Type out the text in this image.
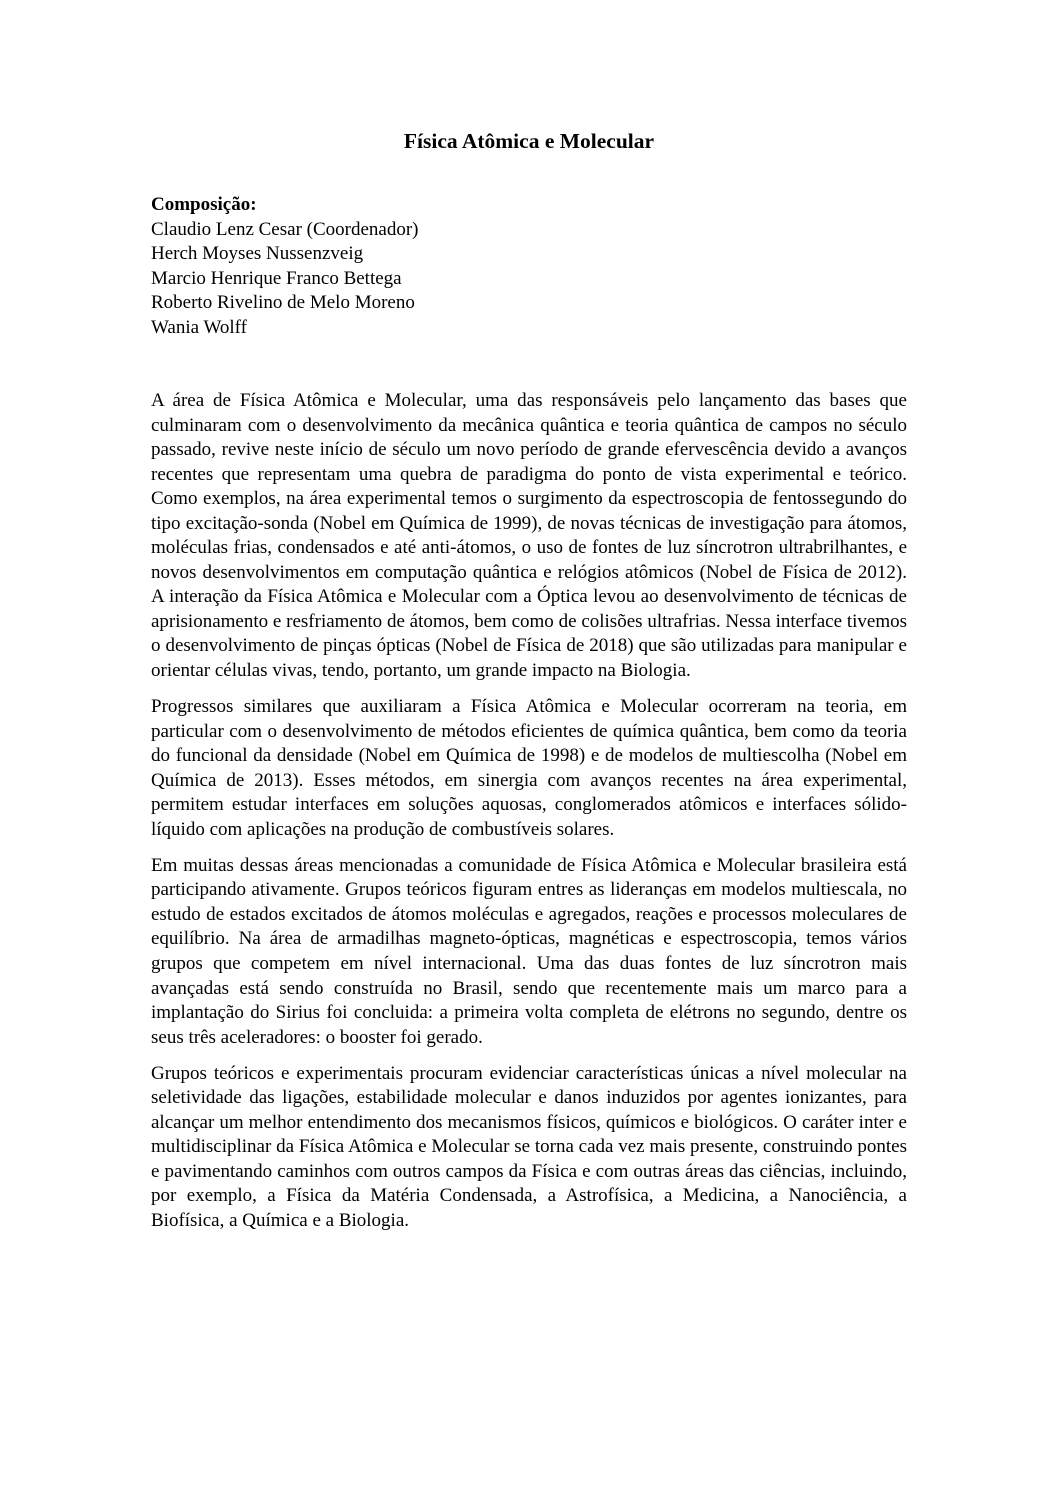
Física Atômica e Molecular
Composição:
Claudio Lenz Cesar (Coordenador)
Herch Moyses Nussenzveig
Marcio Henrique Franco Bettega
Roberto Rivelino de Melo Moreno
Wania Wolff

A área de Física Atômica e Molecular, uma das responsáveis pelo lançamento das bases que culminaram com o desenvolvimento da mecânica quântica e teoria quântica de campos no século passado, revive neste início de século um novo período de grande efervescência devido a avanços recentes que representam uma quebra de paradigma do ponto de vista experimental e teórico. Como exemplos, na área experimental temos o surgimento da espectroscopia de fentossegundo do tipo excitação-sonda (Nobel em Química de 1999), de novas técnicas de investigação para átomos, moléculas frias, condensados e até anti-átomos, o uso de fontes de luz síncrotron ultrabrilhantes, e novos desenvolvimentos em computação quântica e relógios atômicos (Nobel de Física de 2012). A interação da Física Atômica e Molecular com a Óptica levou ao desenvolvimento de técnicas de aprisionamento e resfriamento de átomos, bem como de colisões ultrafrias. Nessa interface tivemos o desenvolvimento de pinças ópticas (Nobel de Física de 2018) que são utilizadas para manipular e orientar células vivas, tendo, portanto, um grande impacto na Biologia.

Progressos similares que auxiliaram a Física Atômica e Molecular ocorreram na teoria, em particular com o desenvolvimento de métodos eficientes de química quântica, bem como da teoria do funcional da densidade (Nobel em Química de 1998) e de modelos de multiescolha (Nobel em Química de 2013). Esses métodos, em sinergia com avanços recentes na área experimental, permitem estudar interfaces em soluções aquosas, conglomerados atômicos e interfaces sólido-líquido com aplicações na produção de combustíveis solares.

Em muitas dessas áreas mencionadas a comunidade de Física Atômica e Molecular brasileira está participando ativamente. Grupos teóricos figuram entres as lideranças em modelos multiescala, no estudo de estados excitados de átomos moléculas e agregados, reações e processos moleculares de equilíbrio. Na área de armadilhas magneto-ópticas, magnéticas e espectroscopia, temos vários grupos que competem em nível internacional. Uma das duas fontes de luz síncrotron mais avançadas está sendo construída no Brasil, sendo que recentemente mais um marco para a implantação do Sirius foi concluida: a primeira volta completa de elétrons no segundo, dentre os seus três aceleradores: o booster foi gerado.

Grupos teóricos e experimentais procuram evidenciar características únicas a nível molecular na seletividade das ligações, estabilidade molecular e danos induzidos por agentes ionizantes, para alcançar um melhor entendimento dos mecanismos físicos, químicos e biológicos. O caráter inter e multidisciplinar da Física Atômica e Molecular se torna cada vez mais presente, construindo pontes e pavimentando caminhos com outros campos da Física e com outras áreas das ciências, incluindo, por exemplo, a Física da Matéria Condensada, a Astrofísica, a Medicina, a Nanociência, a Biofísica, a Química e a Biologia.
